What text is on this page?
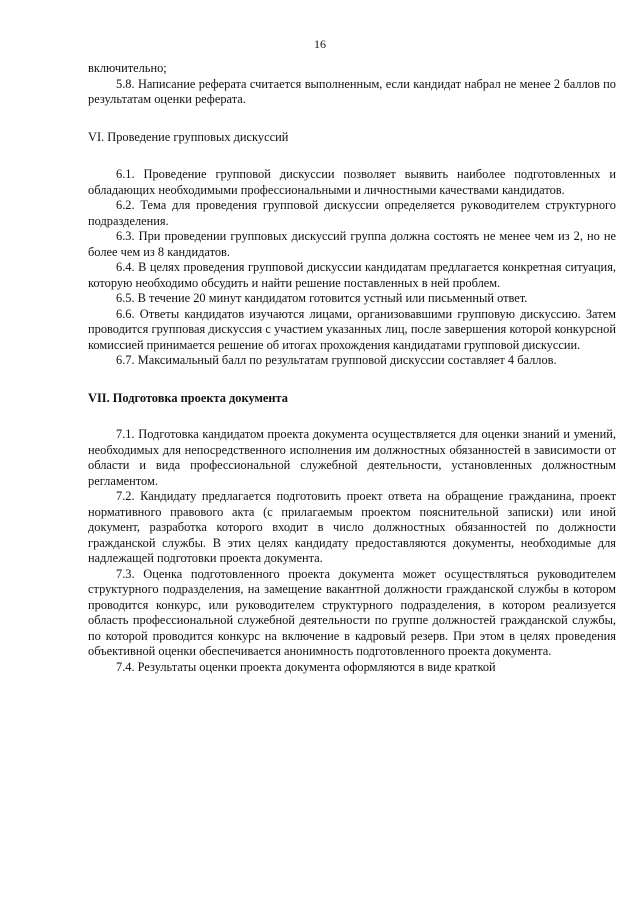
16

включительно;

5.8. Написание реферата считается выполненным, если кандидат набрал не менее 2 баллов по результатам оценки реферата.

VI. Проведение групповых дискуссий

6.1. Проведение групповой дискуссии позволяет выявить наиболее подготовленных и обладающих необходимыми профессиональными и личностными качествами кандидатов.

6.2. Тема для проведения групповой дискуссии определяется руководителем структурного подразделения.

6.3. При проведении групповых дискуссий группа должна состоять не менее чем из 2, но не более чем из 8 кандидатов.

6.4. В целях проведения групповой дискуссии кандидатам предлагается конкретная ситуация, которую необходимо обсудить и найти решение поставленных в ней проблем.

6.5. В течение 20 минут кандидатом готовится устный или письменный ответ.

6.6. Ответы кандидатов изучаются лицами, организовавшими групповую дискуссию. Затем проводится групповая дискуссия с участием указанных лиц, после завершения которой конкурсной комиссией принимается решение об итогах прохождения кандидатами групповой дискуссии.

6.7. Максимальный балл по результатам групповой дискуссии составляет 4 баллов.

VII. Подготовка проекта документа

7.1. Подготовка кандидатом проекта документа осуществляется для оценки знаний и умений, необходимых для непосредственного исполнения им должностных обязанностей в зависимости от области и вида профессиональной служебной деятельности, установленных должностным регламентом.

7.2. Кандидату предлагается подготовить проект ответа на обращение гражданина, проект нормативного правового акта (с прилагаемым проектом пояснительной записки) или иной документ, разработка которого входит в число должностных обязанностей по должности гражданской службы. В этих целях кандидату предоставляются документы, необходимые для надлежащей подготовки проекта документа.

7.3. Оценка подготовленного проекта документа может осуществляться руководителем структурного подразделения, на замещение вакантной должности гражданской службы в котором проводится конкурс, или руководителем структурного подразделения, в котором реализуется область профессиональной служебной деятельности по группе должностей гражданской службы, по которой проводится конкурс на включение в кадровый резерв. При этом в целях проведения объективной оценки обеспечивается анонимность подготовленного проекта документа.

7.4. Результаты оценки проекта документа оформляются в виде краткой
